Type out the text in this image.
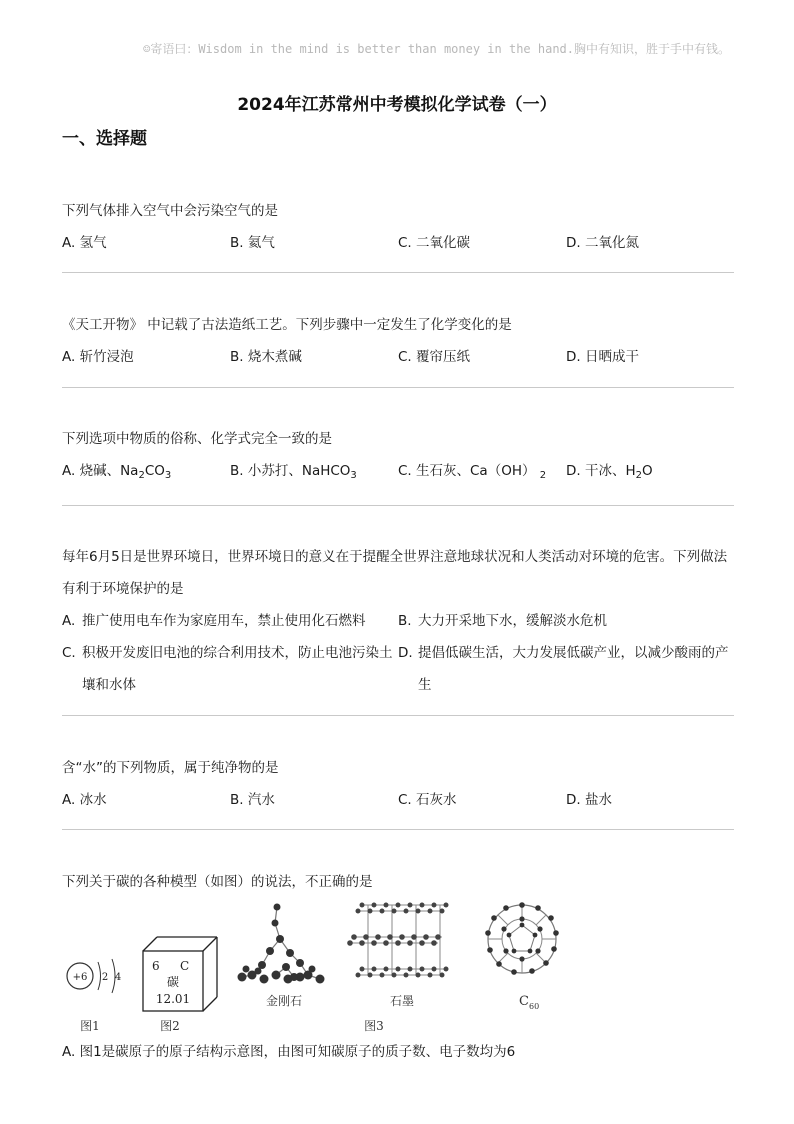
☺寄语曰：Wisdom in the mind is better than money in the hand.胸中有知识，胜于手中有钱。
2024年江苏常州中考模拟化学试卷（一）
一、选择题
下列气体排入空气中会污染空气的是
A. 氢气	B. 氦气	C. 二氧化碳	D. 二氧化氮
《天工开物》 中记载了古法造纸工艺。下列步骤中一定发生了化学变化的是
A. 斩竹浸泡	B. 烧木煮碱	C. 覆帘压纸	D. 日晒成干
下列选项中物质的俗称、化学式完全一致的是
A. 烧碱、$Na_2CO_3$	B. 小苏打、NaHCO$_3$	C. 生石灰、Ca（OH） $_2$	D. 干冰、$H_2O$
每年6月5日是世界环境日，世界环境日的意义在于提醒全世界注意地球状况和人类活动对环境的危害。下列做法有利于环境保护的是
A. 推广使用电车作为家庭用车，禁止使用化石燃料	B. 大力开采地下水，缓解淡水危机
C. 积极开发废旧电池的综合利用技术，防止电池污染土壤和水体
D. 提倡低碳生活，大力发展低碳产业，以减少酸雨的产生
含“水”的下列物质，属于纯净物的是
A. 冰水	B. 汽水	C. 石灰水	D. 盐水
下列关于碳的各种模型（如图）的说法，不正确的是
+6 2 4
图1
6 C
碳
12.01
图2
金刚石	石墨
图3
C 60
A. 图1是碳原子的原子结构示意图，由图可知碳原子的质子数、电子数均为6
